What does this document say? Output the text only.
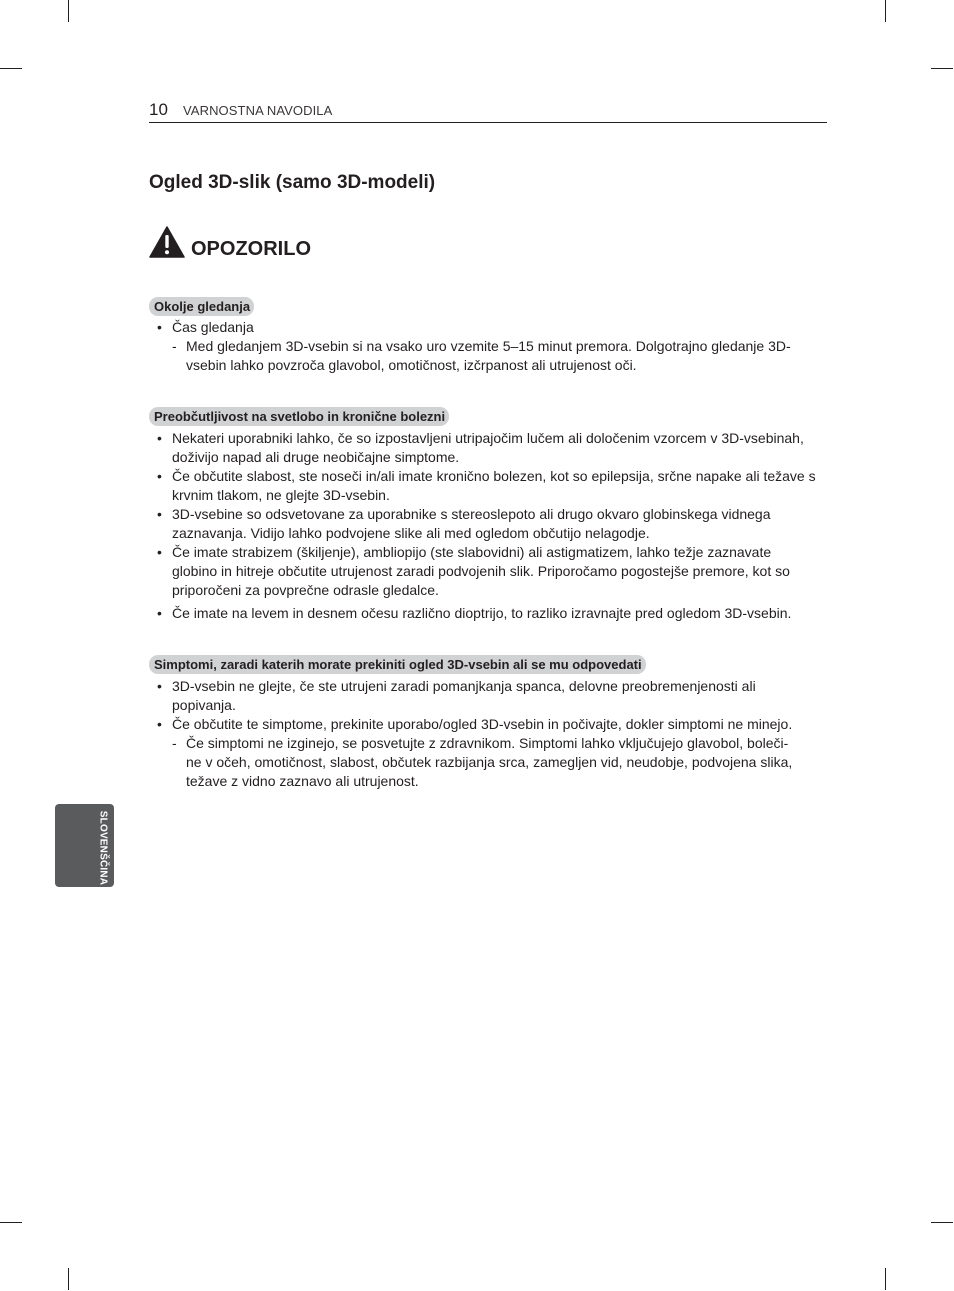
10 VARNOSTNA NAVODILA
Ogled 3D-slik (samo 3D-modeli)
OPOZORILO
Okolje gledanja
• Čas gledanja
- Med gledanjem 3D-vsebin si na vsako uro vzemite 5–15 minut premora. Dolgotrajno gledanje 3D-
vsebin lahko povzroča glavobol, omotičnost, izčrpanost ali utrujenost oči.
Preobčutljivost na svetlobo in kronične bolezni
• Nekateri uporabniki lahko, če so izpostavljeni utripajočim lučem ali določenim vzorcem v 3D-vsebinah,
doživijo napad ali druge neobičajne simptome.
• Če občutite slabost, ste noseči in/ali imate kronično bolezen, kot so epilepsija, srčne napake ali težave s
krvnim tlakom, ne glejte 3D-vsebin.
• 3D-vsebine so odsvetovane za uporabnike s stereoslepoto ali drugo okvaro globinskega vidnega
zaznavanja. Vidijo lahko podvojene slike ali med ogledom občutijo nelagodje.
• Če imate strabizem (škiljenje), ambliopijo (ste slabovidni) ali astigmatizem, lahko težje zaznavate
globino in hitreje občutite utrujenost zaradi podvojenih slik. Priporočamo pogostejše premore, kot so
priporočeni za povprečne odrasle gledalce.
• Če imate na levem in desnem očesu različno dioptrijo, to razliko izravnajte pred ogledom 3D-vsebin.
Simptomi, zaradi katerih morate prekiniti ogled 3D-vsebin ali se mu odpovedati
• 3D-vsebin ne glejte, če ste utrujeni zaradi pomanjkanja spanca, delovne preobremenjenosti ali
popivanja.
• Če občutite te simptome, prekinite uporabo/ogled 3D-vsebin in počivajte, dokler simptomi ne minejo.
- Če simptomi ne izginejo, se posvetujte z zdravnikom. Simptomi lahko vključujejo glavobol, boleči-
ne v očeh, omotičnost, slabost, občutek razbijanja srca, zamegljen vid, neudobje, podvojena slika,
težave z vidno zaznavo ali utrujenost.
SLOVENŠČINA
